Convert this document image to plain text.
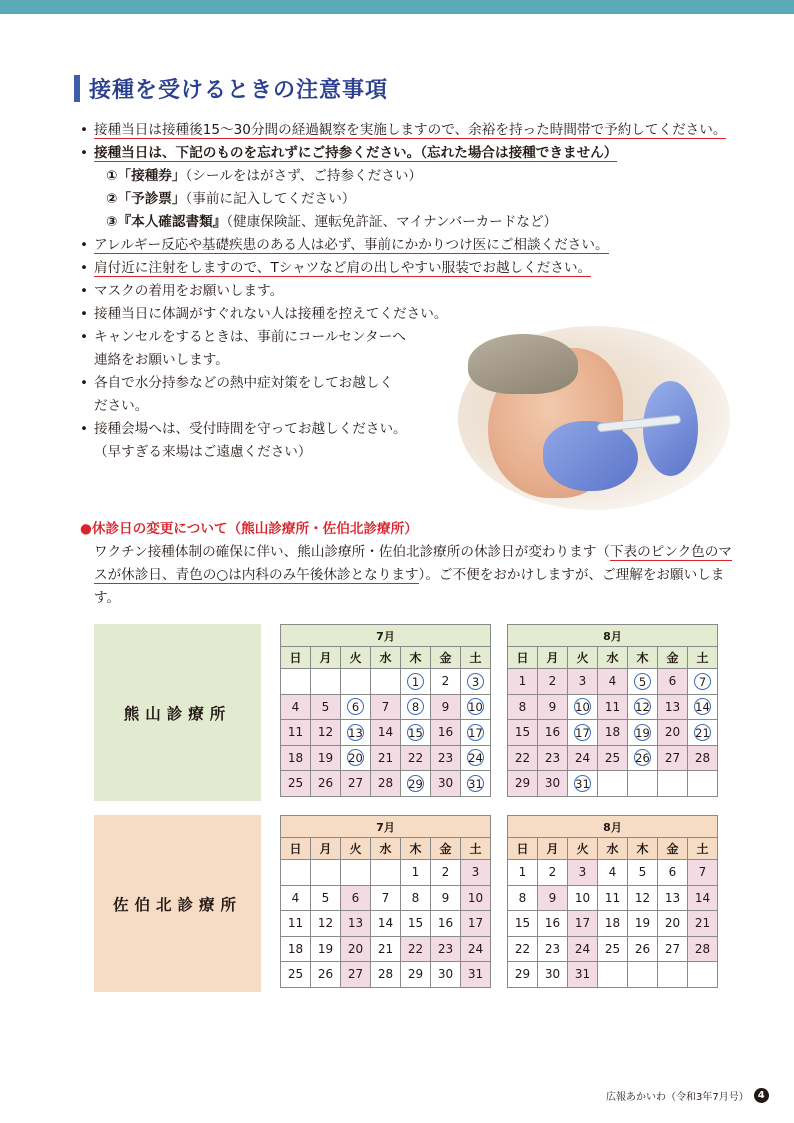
接種を受けるときの注意事項
• 接種当日は接種後15～30分間の経過観察を実施しますので、余裕を持った時間帯で予約してください。
• 接種当日は、下記のものを忘れずにご持参ください。（忘れた場合は接種できません）
①「接種券」（シールをはがさず、ご持参ください）
②「予診票」（事前に記入してください）
③『本人確認書類』（健康保険証、運転免許証、マイナンバーカードなど）
• アレルギー反応や基礎疾患のある人は必ず、事前にかかりつけ医にご相談ください。
• 肩付近に注射をしますので、Tシャツなど肩の出しやすい服装でお越しください。
• マスクの着用をお願いします。
• 接種当日に体調がすぐれない人は接種を控えてください。
• キャンセルをするときは、事前にコールセンターへ
連絡をお願いします。
• 各自で水分持参などの熱中症対策をしてお越しく
ださい。
• 接種会場へは、受付時間を守ってお越しください。
（早すぎる来場はご遠慮ください）
●休診日の変更について（熊山診療所・佐伯北診療所）
ワクチン接種体制の確保に伴い、熊山診療所・佐伯北診療所の休診日が変わります（下表のピンク色のマスが休診日、青色の○は内科のみ午後休診となります）。ご不便をおかけしますが、ご理解をお願いします。
熊山診療所
7月						
日	月	火	水	木	金	土
				1	2	3
4	5	6	7	8	9	10
11	12	13	14	15	16	17
18	19	20	21	22	23	24
25	26	27	28	29	30	31
8月						
日	月	火	水	木	金	土
1	2	3	4	5	6	7
8	9	10	11	12	13	14
15	16	17	18	19	20	21
22	23	24	25	26	27	28
29	30	31				
佐伯北診療所
7月						
日	月	火	水	木	金	土
				1	2	3
4	5	6	7	8	9	10
11	12	13	14	15	16	17
18	19	20	21	22	23	24
25	26	27	28	29	30	31
8月						
日	月	火	水	木	金	土
1	2	3	4	5	6	7
8	9	10	11	12	13	14
15	16	17	18	19	20	21
22	23	24	25	26	27	28
29	30	31				
広報あかいわ（令和3年7月号） 4
